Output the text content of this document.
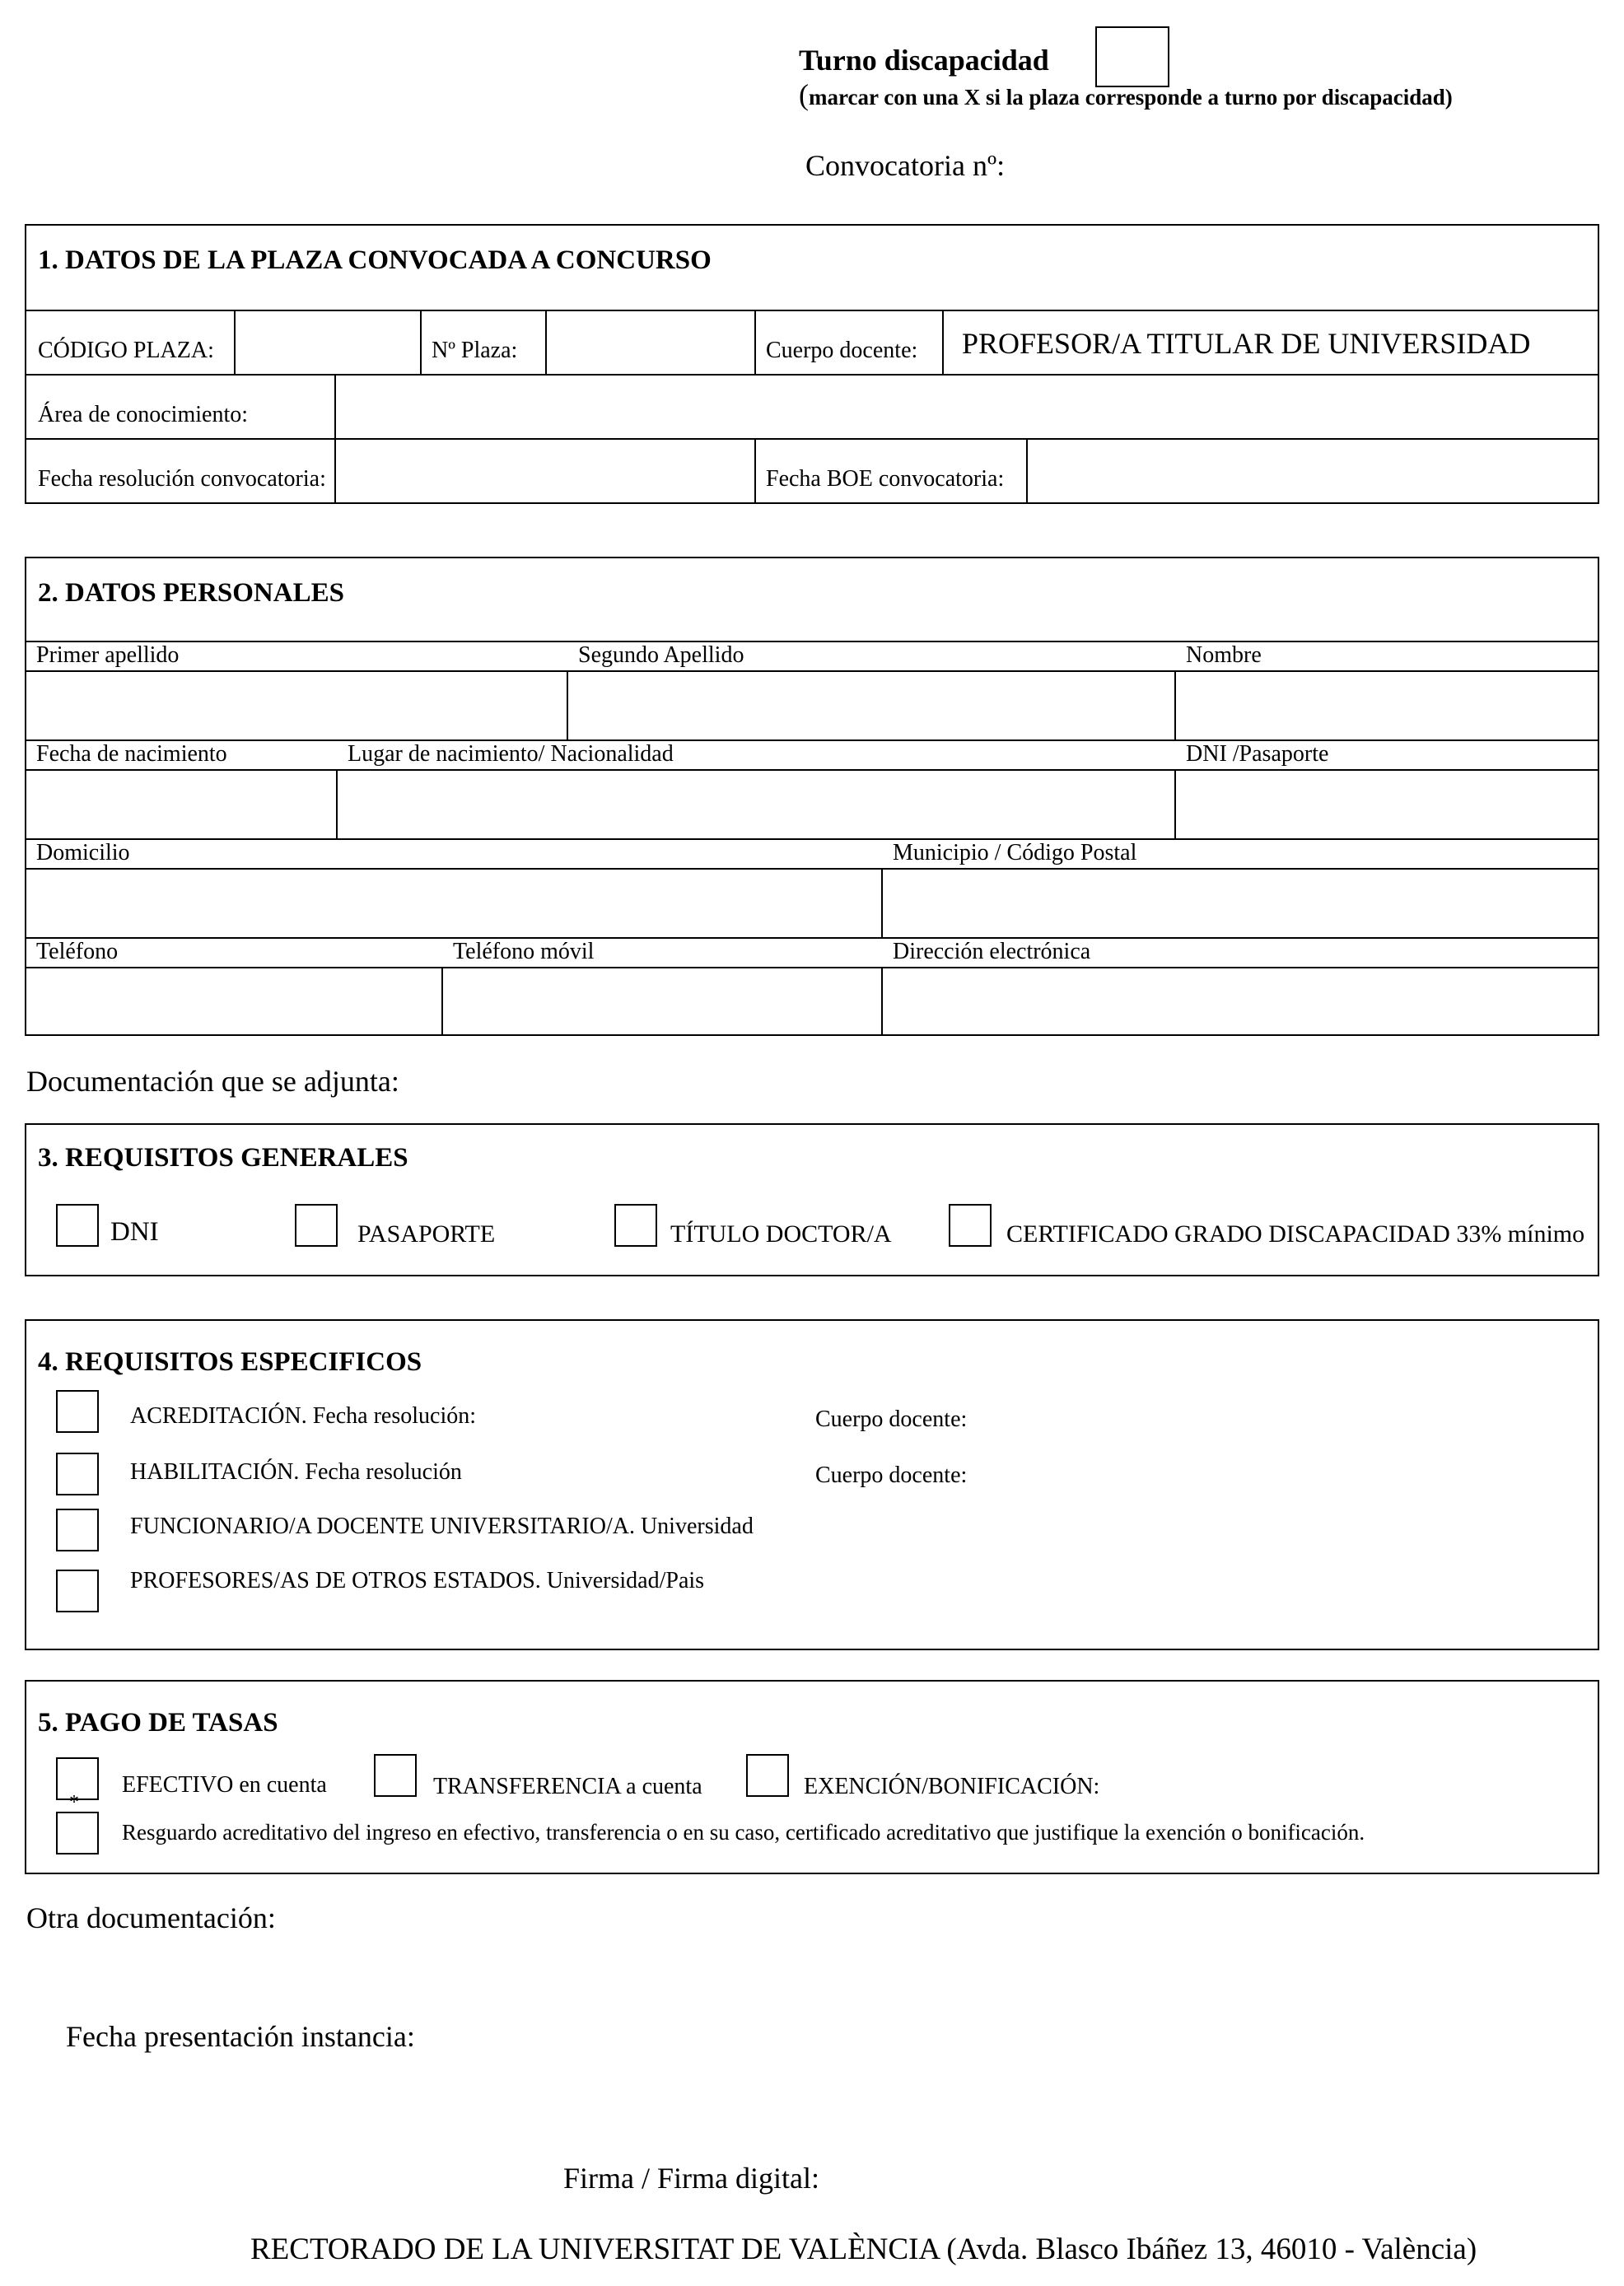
Turno discapacidad
(marcar con una X si la plaza corresponde a turno por discapacidad)
Convocatoria nº:
1. DATOS DE LA PLAZA CONVOCADA A CONCURSO
CÓDIGO PLAZA:	Nº Plaza:	Cuerpo docente: PROFESOR/A TITULAR DE UNIVERSIDAD
Área de conocimiento:
Fecha resolución convocatoria:	Fecha BOE convocatoria:
2. DATOS PERSONALES
Primer apellido	Segundo Apellido	Nombre
Fecha de nacimiento	Lugar de nacimiento/ Nacionalidad	DNI /Pasaporte
Domicilio	Municipio / Código Postal
Teléfono	Teléfono móvil	Dirección electrónica
Documentación que se adjunta:
3. REQUISITOS GENERALES
DNI	PASAPORTE	TÍTULO DOCTOR/A	CERTIFICADO GRADO DISCAPACIDAD 33% mínimo
4. REQUISITOS ESPECIFICOS
ACREDITACIÓN. Fecha resolución:	Cuerpo docente:
HABILITACIÓN. Fecha resolución	Cuerpo docente:
FUNCIONARIO/A DOCENTE UNIVERSITARIO/A. Universidad
PROFESORES/AS DE OTROS ESTADOS. Universidad/Pais
5. PAGO DE TASAS
EFECTIVO en cuenta	TRANSFERENCIA a cuenta	EXENCIÓN/BONIFICACIÓN:
*
Resguardo acreditativo del ingreso en efectivo, transferencia o en su caso, certificado acreditativo que justifique la exención o bonificación.
Otra documentación:
Fecha presentación instancia:
Firma / Firma digital:
RECTORADO DE LA UNIVERSITAT DE VALÈNCIA (Avda. Blasco Ibáñez 13, 46010 - València)
